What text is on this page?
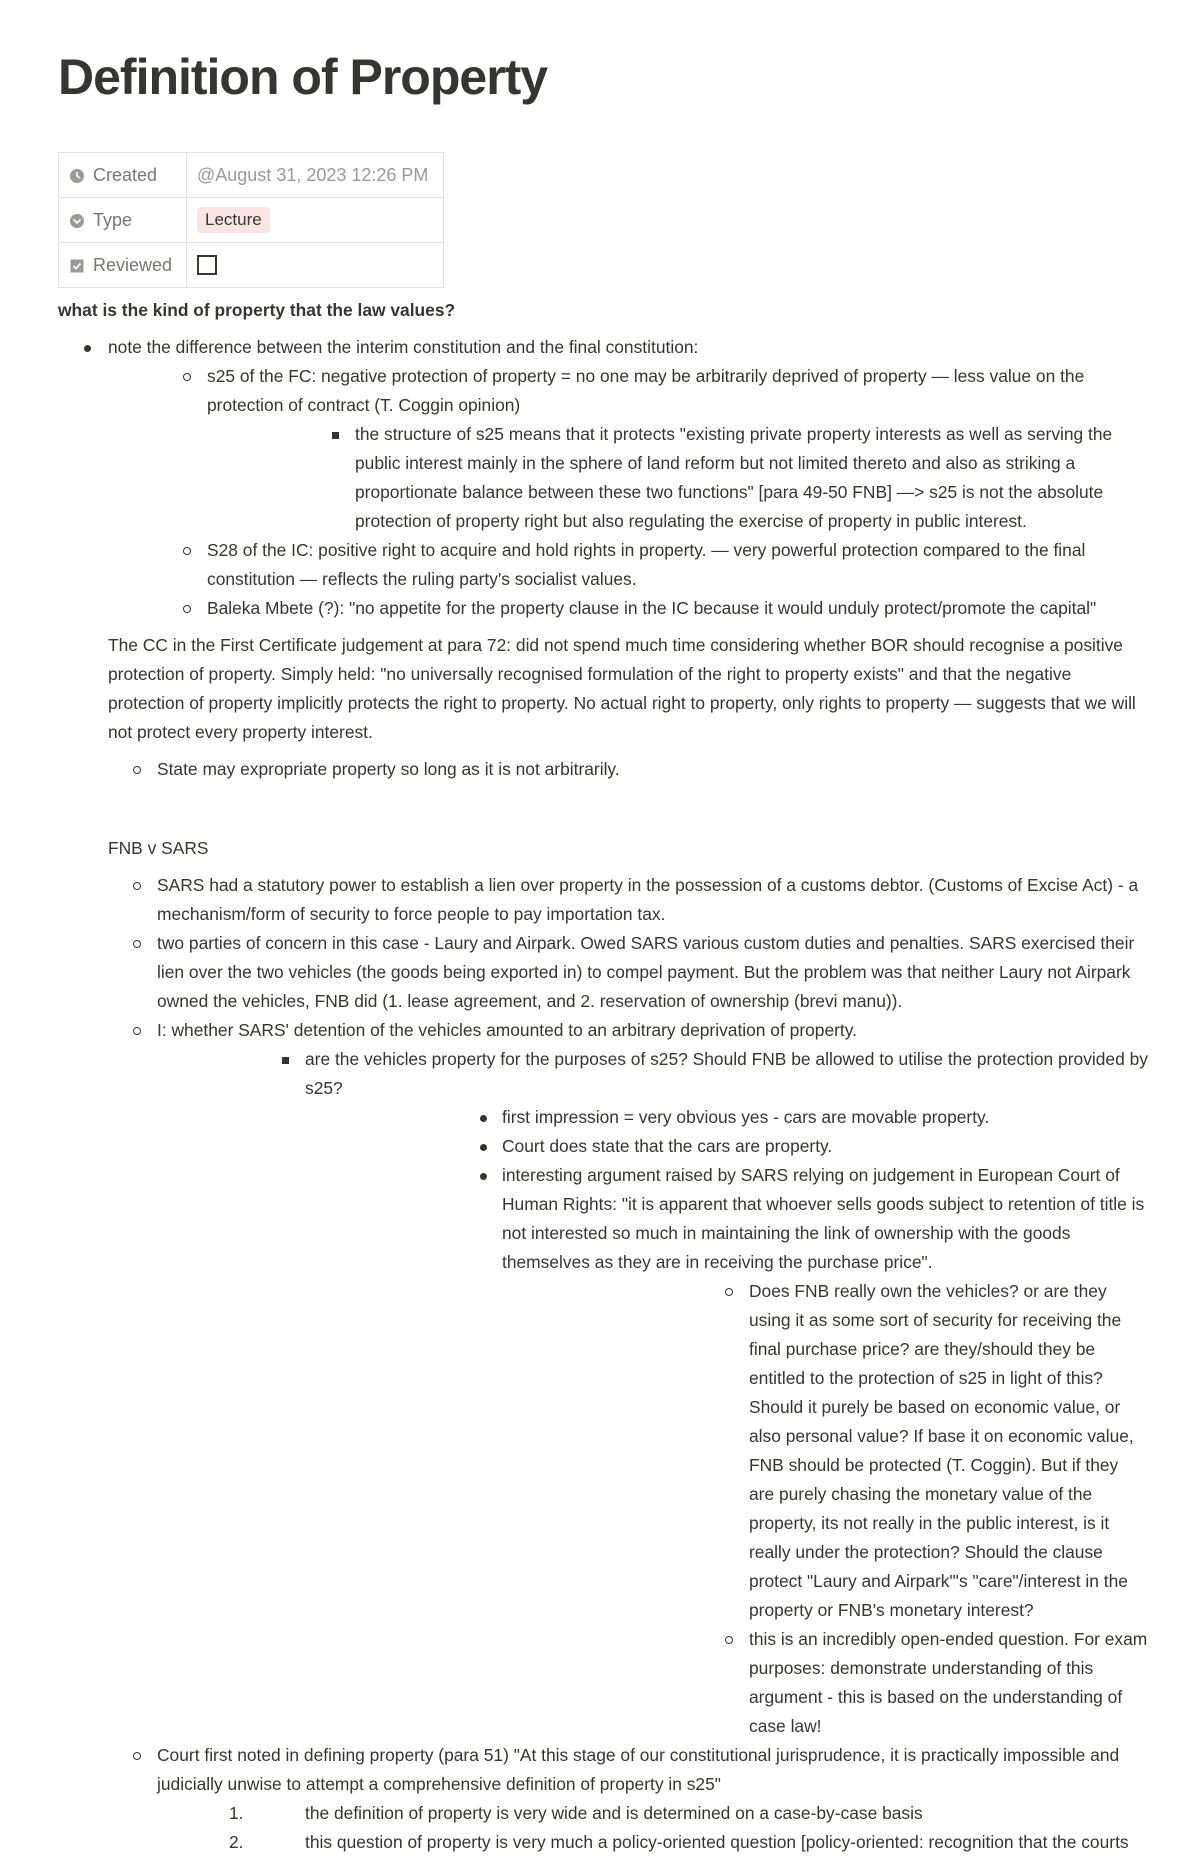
Definition of Property
Created	@August 31, 2023 12:26 PM
Type	Lecture
Reviewed	
what is the kind of property that the law values?
note the difference between the interim constitution and the final constitution:
s25 of the FC: negative protection of property = no one may be arbitrarily deprived of property — less value on the protection of contract (T. Coggin opinion)
the structure of s25 means that it protects "existing private property interests as well as serving the public interest mainly in the sphere of land reform but not limited thereto and also as striking a proportionate balance between these two functions" [para 49-50 FNB] —> s25 is not the absolute protection of property right but also regulating the exercise of property in public interest.
S28 of the IC: positive right to acquire and hold rights in property. — very powerful protection compared to the final constitution — reflects the ruling party's socialist values.
Baleka Mbete (?): "no appetite for the property clause in the IC because it would unduly protect/promote the capital"
The CC in the First Certificate judgement at para 72: did not spend much time considering whether BOR should recognise a positive protection of property. Simply held: "no universally recognised formulation of the right to property exists" and that the negative protection of property implicitly protects the right to property. No actual right to property, only rights to property — suggests that we will not protect every property interest.
State may expropriate property so long as it is not arbitrarily.
FNB v SARS
SARS had a statutory power to establish a lien over property in the possession of a customs debtor. (Customs of Excise Act) - a mechanism/form of security to force people to pay importation tax.
two parties of concern in this case - Laury and Airpark. Owed SARS various custom duties and penalties. SARS exercised their lien over the two vehicles (the goods being exported in) to compel payment. But the problem was that neither Laury not Airpark owned the vehicles, FNB did (1. lease agreement, and 2. reservation of ownership (brevi manu)).
I: whether SARS' detention of the vehicles amounted to an arbitrary deprivation of property.
are the vehicles property for the purposes of s25? Should FNB be allowed to utilise the protection provided by s25?
first impression = very obvious yes - cars are movable property.
Court does state that the cars are property.
interesting argument raised by SARS relying on judgement in European Court of Human Rights: "it is apparent that whoever sells goods subject to retention of title is not interested so much in maintaining the link of ownership with the goods themselves as they are in receiving the purchase price".
Does FNB really own the vehicles? or are they using it as some sort of security for receiving the final purchase price? are they/should they be entitled to the protection of s25 in light of this? Should it purely be based on economic value, or also personal value? If base it on economic value, FNB should be protected (T. Coggin). But if they are purely chasing the monetary value of the property, its not really in the public interest, is it really under the protection? Should the clause protect "Laury and Airpark"'s "care"/interest in the property or FNB's monetary interest?
this is an incredibly open-ended question. For exam purposes: demonstrate understanding of this argument - this is based on the understanding of case law!
Court first noted in defining property (para 51) "At this stage of our constitutional jurisprudence, it is practically impossible and judicially unwise to attempt a comprehensive definition of property in s25"
1.	the definition of property is very wide and is determined on a case-by-case basis
2.	this question of property is very much a policy-oriented question [policy-oriented: recognition that the courts
